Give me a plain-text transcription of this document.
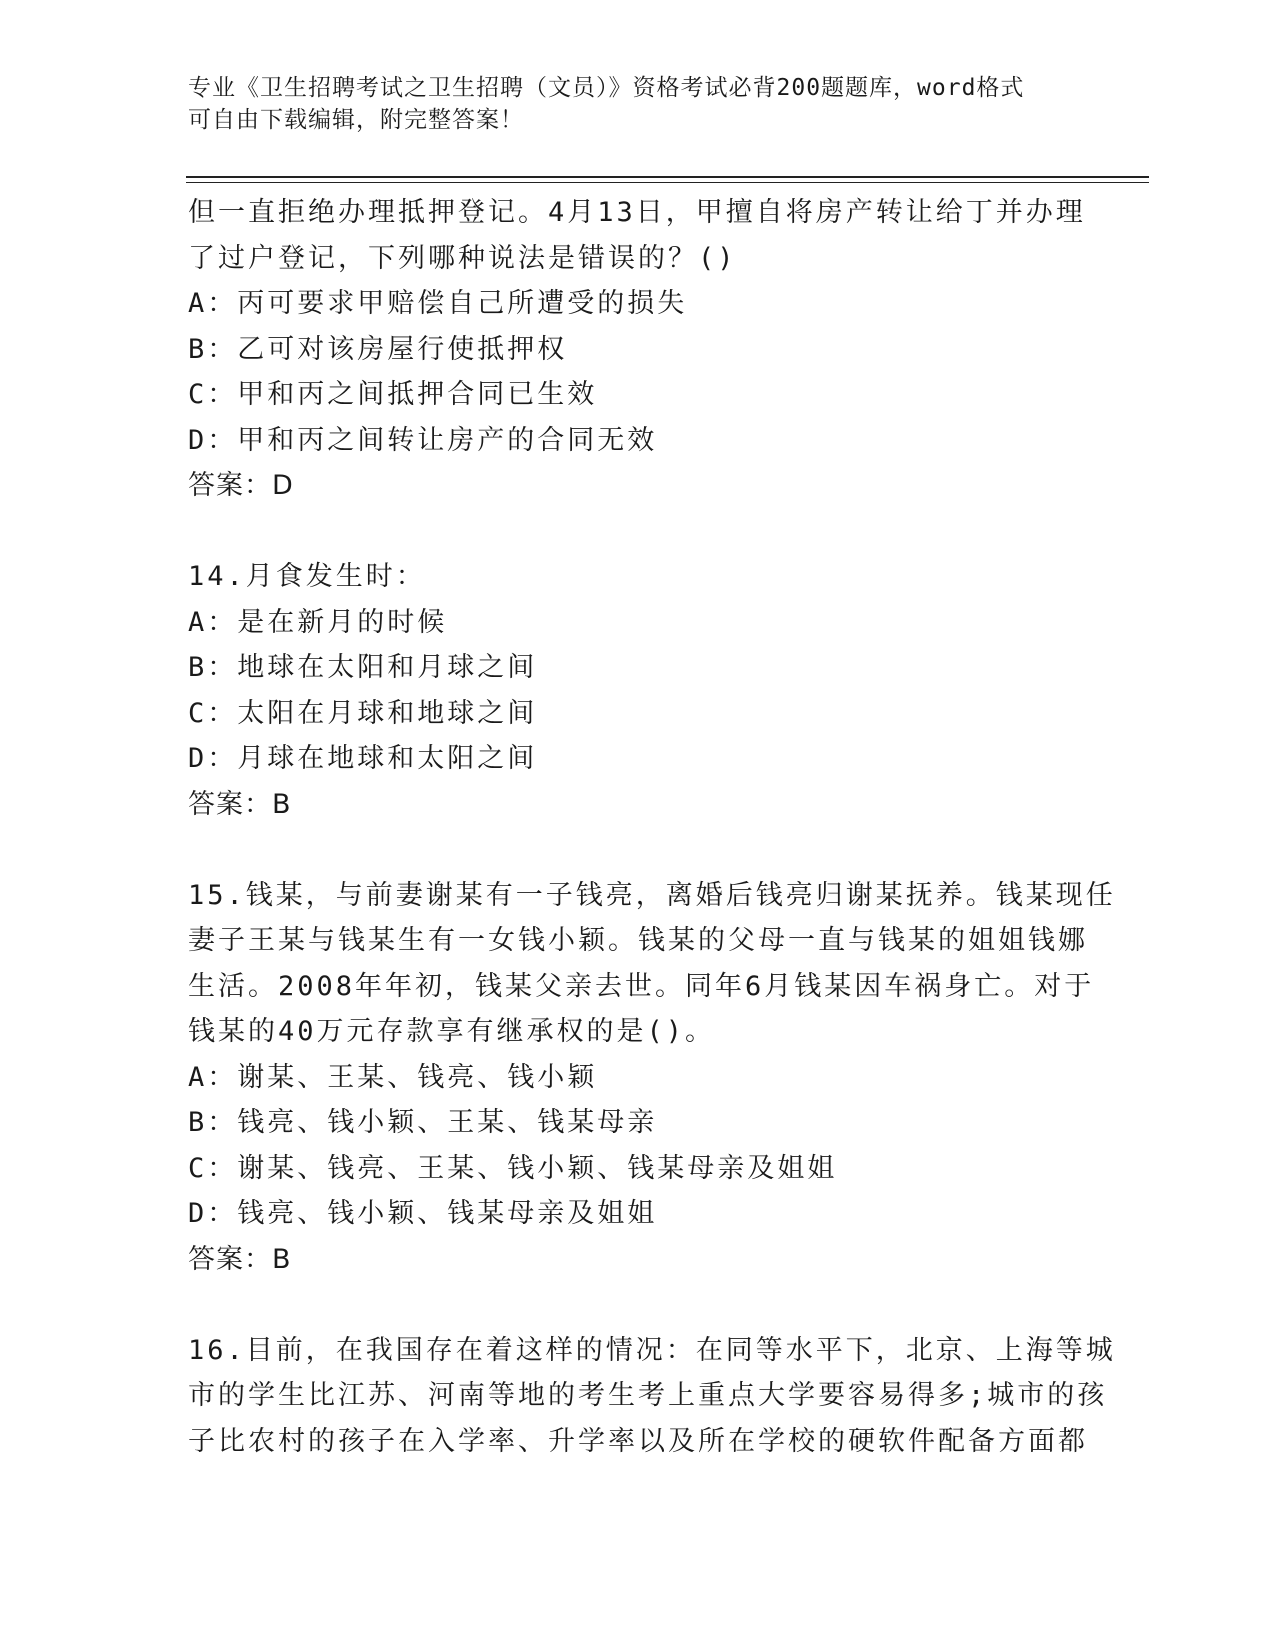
专业《卫生招聘考试之卫生招聘（文员）》资格考试必背200题题库，word格式
可自由下载编辑，附完整答案！
但一直拒绝办理抵押登记。4月13日，甲擅自将房产转让给丁并办理
了过户登记，下列哪种说法是错误的？()
A：丙可要求甲赔偿自己所遭受的损失
B：乙可对该房屋行使抵押权
C：甲和丙之间抵押合同已生效
D：甲和丙之间转让房产的合同无效
答案：D
14.月食发生时：
A：是在新月的时候
B：地球在太阳和月球之间
C：太阳在月球和地球之间
D：月球在地球和太阳之间
答案：B
15.钱某，与前妻谢某有一子钱亮，离婚后钱亮归谢某抚养。钱某现任
妻子王某与钱某生有一女钱小颖。钱某的父母一直与钱某的姐姐钱娜
生活。2008年年初，钱某父亲去世。同年6月钱某因车祸身亡。对于
钱某的40万元存款享有继承权的是()。
A：谢某、王某、钱亮、钱小颖
B：钱亮、钱小颖、王某、钱某母亲
C：谢某、钱亮、王某、钱小颖、钱某母亲及姐姐
D：钱亮、钱小颖、钱某母亲及姐姐
答案：B
16.目前，在我国存在着这样的情况：在同等水平下，北京、上海等城
市的学生比江苏、河南等地的考生考上重点大学要容易得多;城市的孩
子比农村的孩子在入学率、升学率以及所在学校的硬软件配备方面都
